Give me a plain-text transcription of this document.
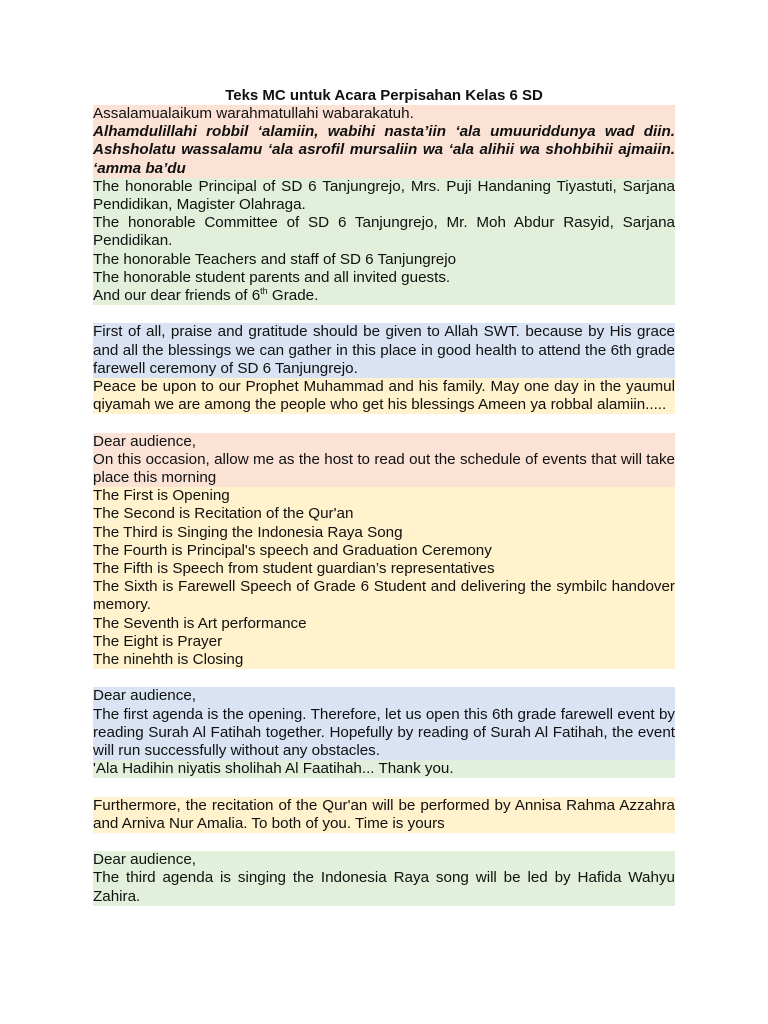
Teks MC untuk Acara Perpisahan Kelas 6 SD
Assalamualaikum warahmatullahi wabarakatuh.
Alhamdulillahi robbil ‘alamiin, wabihi nasta’iin ‘ala umuuriddunya wad diin. Ashsholatu wassalamu ‘ala asrofil mursaliin wa ‘ala alihii wa shohbihii ajmaiin. ‘amma ba’du
The honorable Principal of SD 6 Tanjungrejo, Mrs. Puji Handaning Tiyastuti, Sarjana Pendidikan, Magister Olahraga.
The honorable Committee of SD 6 Tanjungrejo, Mr. Moh Abdur Rasyid, Sarjana Pendidikan.
The honorable Teachers and staff of SD 6 Tanjungrejo
The honorable student parents and all invited guests.
And our dear friends of 6th Grade.
First of all, praise and gratitude should be given to Allah SWT. because by His grace and all the blessings we can gather in this place in good health to attend the 6th grade farewell ceremony of SD 6 Tanjungrejo.
Peace be upon to our Prophet Muhammad and his family. May one day in the yaumul qiyamah we are among the people who get his blessings Ameen ya robbal alamiin.....
Dear audience,
On this occasion, allow me as the host to read out the schedule of events that will take place this morning
The First is Opening
The Second is Recitation of the Qur'an
The Third is Singing the Indonesia Raya Song
The Fourth is Principal's speech and Graduation Ceremony
The Fifth is Speech from student guardian’s representatives
The Sixth is Farewell Speech of Grade 6 Student and delivering the symbilc handover memory.
The Seventh is Art performance
The Eight is Prayer
The ninehth is Closing
Dear audience,
The first agenda is the opening. Therefore, let us open this 6th grade farewell event by reading Surah Al Fatihah together. Hopefully by reading of Surah Al Fatihah, the event will run successfully without any obstacles.
'Ala Hadihin niyatis sholihah Al Faatihah... Thank you.
Furthermore, the recitation of the Qur'an will be performed by Annisa Rahma Azzahra and Arniva Nur Amalia. To both of you. Time is yours
Dear audience,
The third agenda is singing the Indonesia Raya song will be led by Hafida Wahyu Zahira.
